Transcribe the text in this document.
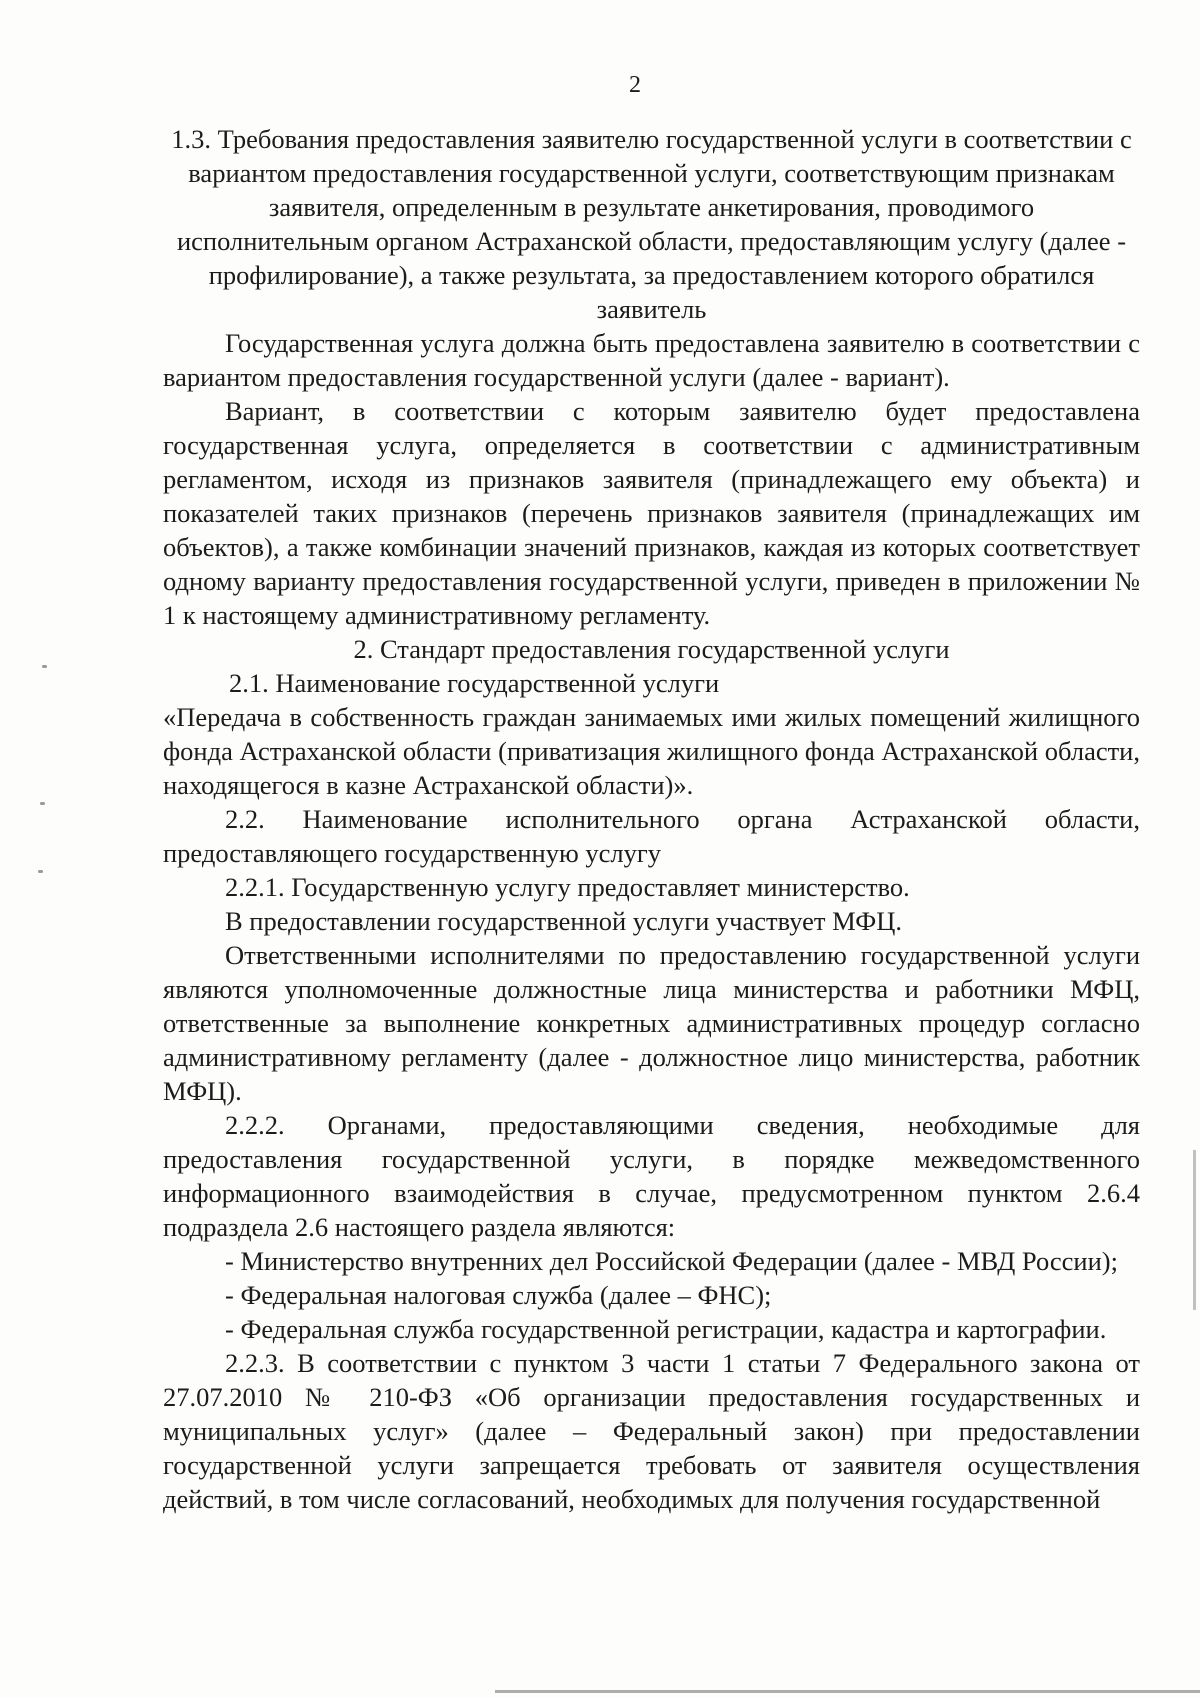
2

1.3. Требования предоставления заявителю государственной услуги в соответствии с вариантом предоставления государственной услуги, соответствующим признакам заявителя, определенным в результате анкетирования, проводимого исполнительным органом Астраханской области, предоставляющим услугу (далее - профилирование), а также результата, за предоставлением которого обратился заявитель

Государственная услуга должна быть предоставлена заявителю в соответствии с вариантом предоставления государственной услуги (далее - вариант).

Вариант, в соответствии с которым заявителю будет предоставлена государственная услуга, определяется в соответствии с административным регламентом, исходя из признаков заявителя (принадлежащего ему объекта) и показателей таких признаков (перечень признаков заявителя (принадлежащих им объектов), а также комбинации значений признаков, каждая из которых соответствует одному варианту предоставления государственной услуги, приведен в приложении № 1 к настоящему административному регламенту.

2. Стандарт предоставления государственной услуги

2.1. Наименование государственной услуги

«Передача в собственность граждан занимаемых ими жилых помещений жилищного фонда Астраханской области (приватизация жилищного фонда Астраханской области, находящегося в казне Астраханской области)».

2.2. Наименование исполнительного органа Астраханской области, предоставляющего государственную услугу

2.2.1. Государственную услугу предоставляет министерство.

В предоставлении государственной услуги участвует МФЦ.

Ответственными исполнителями по предоставлению государственной услуги являются уполномоченные должностные лица министерства и работники МФЦ, ответственные за выполнение конкретных административных процедур согласно административному регламенту (далее - должностное лицо министерства, работник МФЦ).

2.2.2. Органами, предоставляющими сведения, необходимые для предоставления государственной услуги, в порядке межведомственного информационного взаимодействия в случае, предусмотренном пунктом 2.6.4 подраздела 2.6 настоящего раздела являются:

- Министерство внутренних дел Российской Федерации (далее - МВД России);

- Федеральная налоговая служба (далее – ФНС);

- Федеральная служба государственной регистрации, кадастра и картографии.

2.2.3. В соответствии с пунктом 3 части 1 статьи 7 Федерального закона от 27.07.2010 № 210-ФЗ «Об организации предоставления государственных и муниципальных услуг» (далее – Федеральный закон) при предоставлении государственной услуги запрещается требовать от заявителя осуществления действий, в том числе согласований, необходимых для получения государственной
